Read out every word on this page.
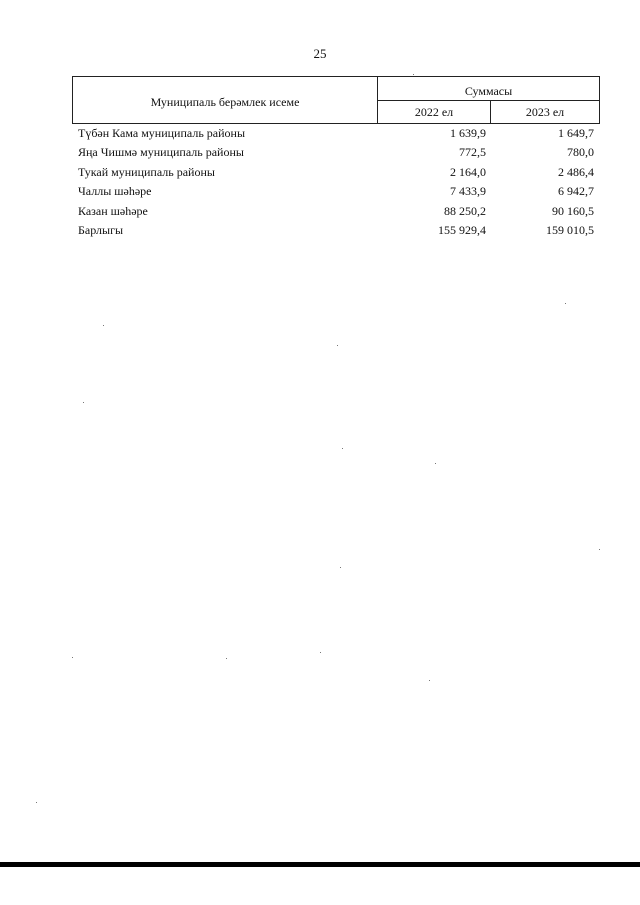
25
Муниципаль берәмлек исеме
Суммасы
2022 ел	2023 ел
Түбән Кама муниципаль районы	1 639,9	1 649,7
Яңа Чишмә муниципаль районы	772,5	780,0
Тукай муниципаль районы	2 164,0	2 486,4
Чаллы шәһәре	7 433,9	6 942,7
Казан шәһәре	88 250,2	90 160,5
Барлыгы	155 929,4	159 010,5
